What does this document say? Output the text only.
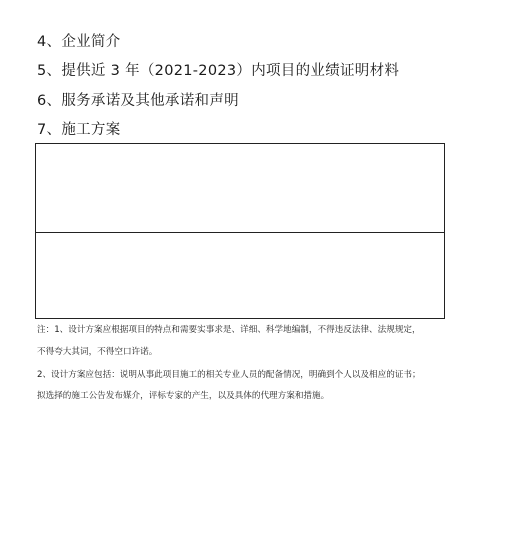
4、企业简介
5、提供近 3 年（2021-2023）内项目的业绩证明材料
6、服务承诺及其他承诺和声明
7、施工方案
注：1、设计方案应根据项目的特点和需要实事求是、详细、科学地编制，不得违反法律、法规规定，
不得夸大其词，不得空口许诺。
2、设计方案应包括：说明从事此项目施工的相关专业人员的配备情况，明确到个人以及相应的证书；
拟选择的施工公告发布媒介，评标专家的产生，以及具体的代理方案和措施。
